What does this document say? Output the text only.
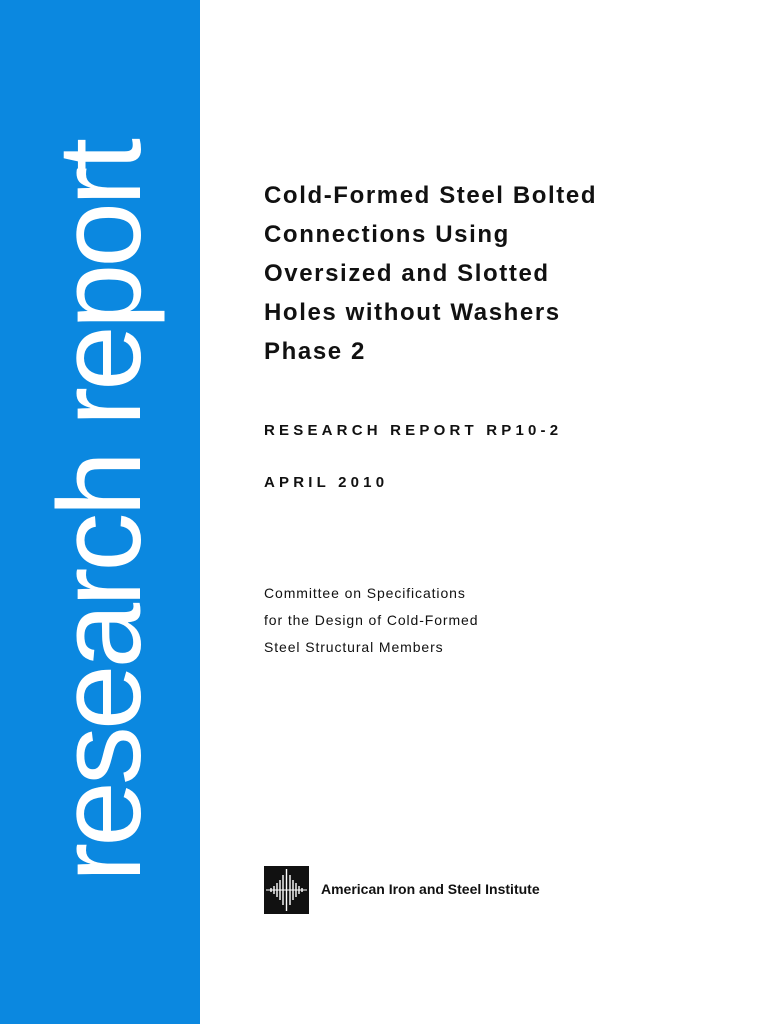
research report	Cold-Formed Steel Bolted
Connections Using
Oversized and Slotted
Holes without Washers
Phase 2
RESEARCH REPORT RP10-2
APRIL 2010
Committee on Specifications
for the Design of Cold-Formed
Steel Structural Members
American Iron and Steel Institute
